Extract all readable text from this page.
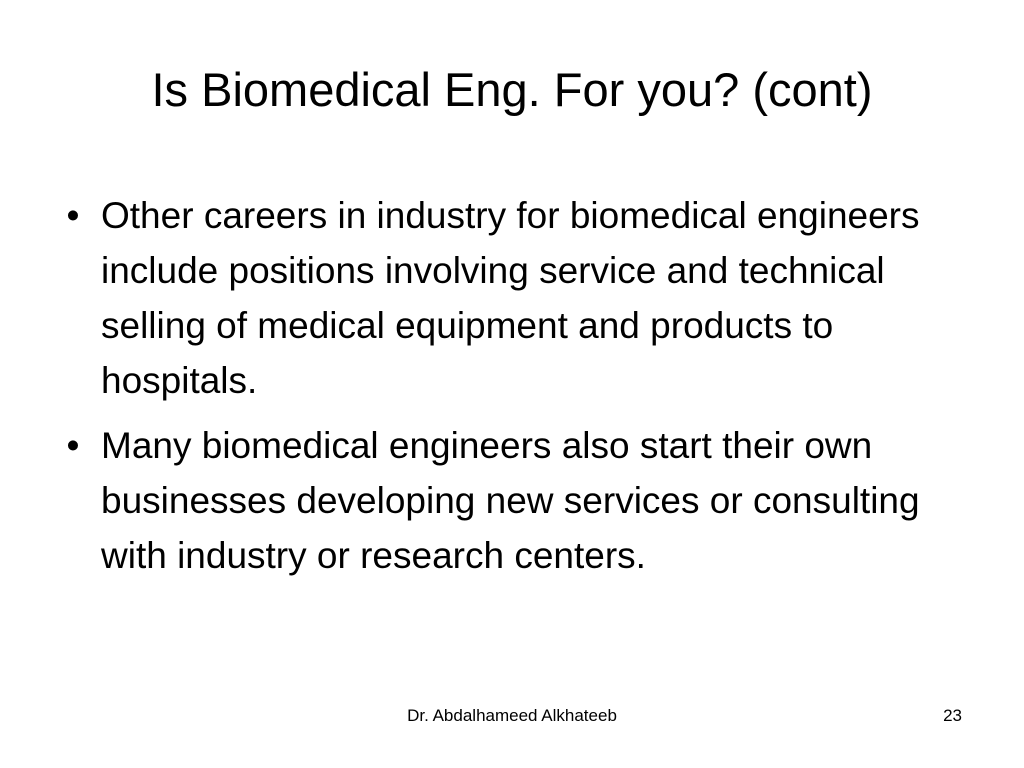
Is Biomedical Eng. For you? (cont)
• Other careers in industry for biomedical engineers include positions involving service and technical selling of medical equipment and products to hospitals.
• Many biomedical engineers also start their own businesses developing new services or consulting with industry or research centers.
Dr. Abdalhameed Alkhateeb	23
